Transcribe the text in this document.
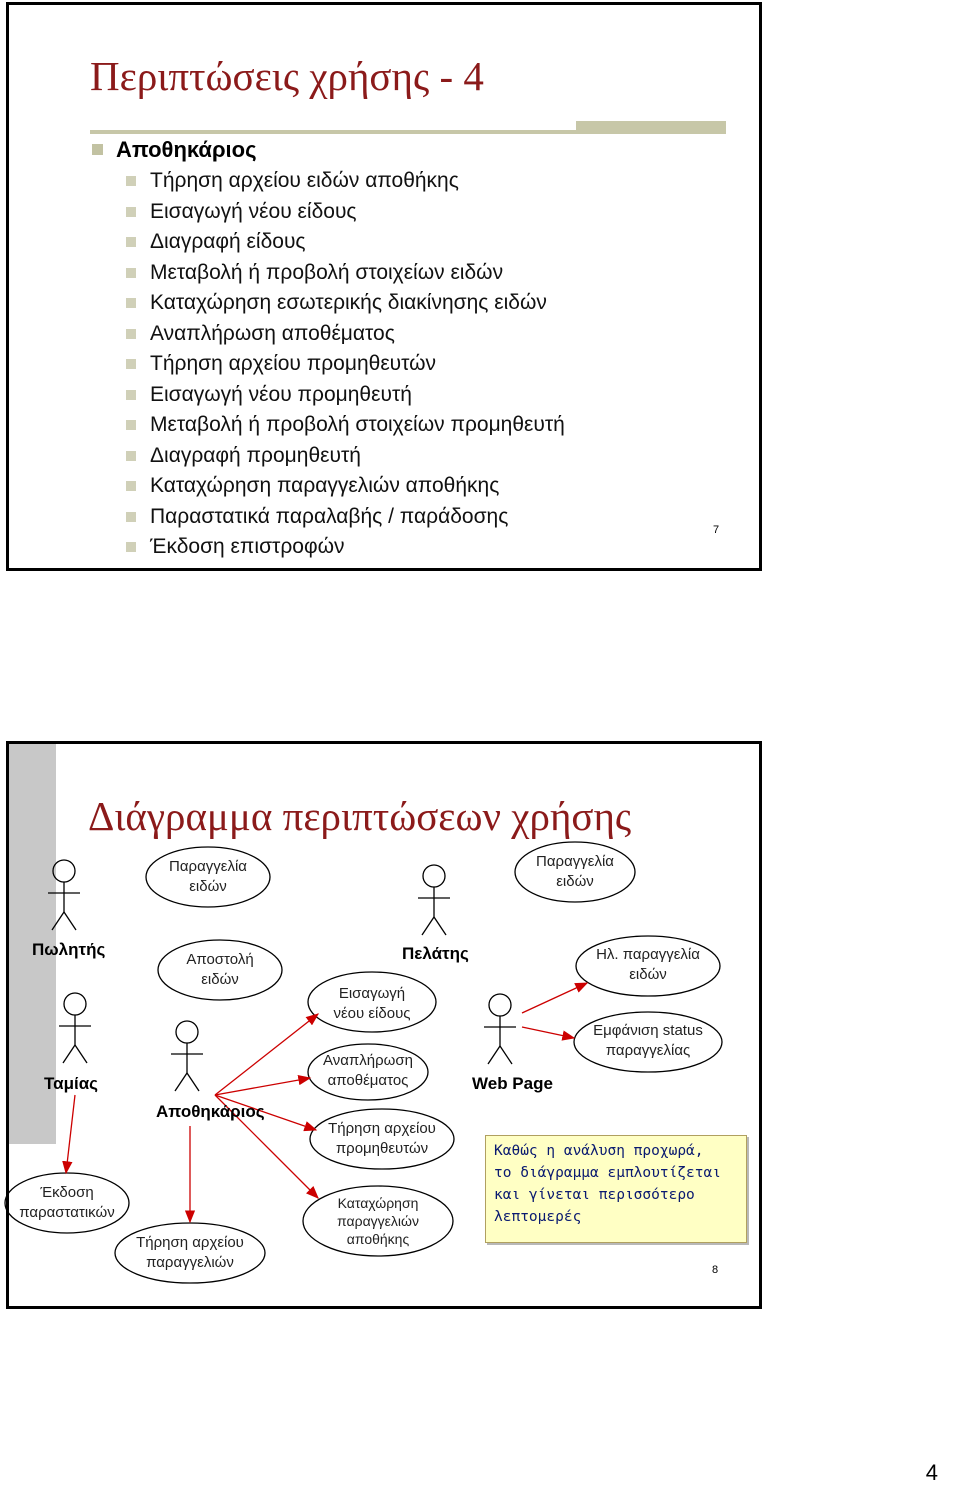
Περιπτώσεις χρήσης - 4
Αποθηκάριος
Τήρηση αρχείου ειδών αποθήκης
Εισαγωγή νέου είδους
Διαγραφή είδους
Μεταβολή ή προβολή στοιχείων ειδών
Καταχώρηση εσωτερικής διακίνησης ειδών
Αναπλήρωση αποθέματος
Τήρηση αρχείου προμηθευτών
Εισαγωγή νέου προμηθευτή
Μεταβολή ή προβολή στοιχείων προμηθευτή
Διαγραφή προμηθευτή
Καταχώρηση παραγγελιών αποθήκης
Παραστατικά παραλαβής / παράδοσης
Έκδοση επιστροφών
7
Διάγραμμα περιπτώσεων χρήσης
Πωλητής
Ταμίας
Αποθηκάριος
Πελάτης
Web Page
Παραγγελία
ειδών
Παραγγελία
ειδών
Αποστολή
ειδών
Εισαγωγή
νέου είδους
Αναπλήρωση
αποθέματος
Τήρηση αρχείου
προμηθευτών
Καταχώρηση
παραγγελιών
αποθήκης
Έκδοση
παραστατικών
Τήρηση αρχείου
παραγγελιών
Ηλ. παραγγελία
ειδών
Εμφάνιση status
παραγγελίας
Καθώς η ανάλυση προχωρά,
το διάγραμμα εμπλουτίζεται
και γίνεται περισσότερο
λεπτομερές
8
4
